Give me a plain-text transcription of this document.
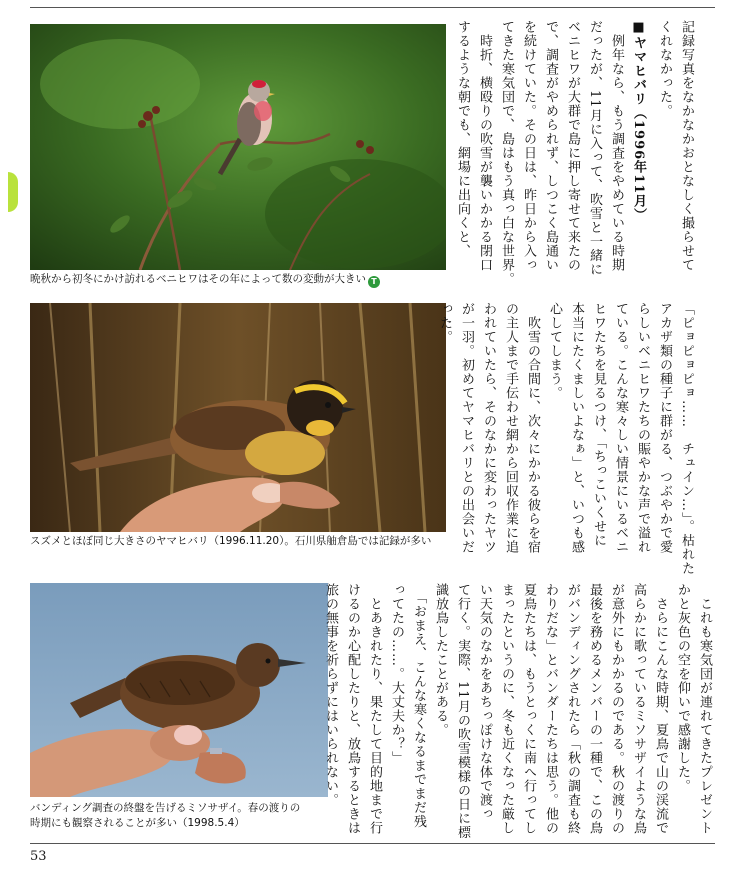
晩秋から初冬にかけ訪れるベニヒワはその年によって数の変動が大きい T
スズメとほぼ同じ大きさのヤマヒバリ（1996.11.20）。石川県舳倉島では記録が多い
バンディング調査の終盤を告げるミソサザイ。春の渡りの
時期にも観察されることが多い（1998.5.4）
記録写真をなかなかおとなしく撮らせて
くれなかった。
■ヤマヒバリ（1996年11月）
　例年なら、もう調査をやめている時期
だったが、11月に入って、吹雪と一緒に
ベニヒワが大群で島に押し寄せて来たの
で、調査がやめられず、しつこく島通い
を続けていた。その日は、昨日から入っ
てきた寒気団で、島はもう真っ白な世界。
　時折、横殴りの吹雪が襲いかかる閉口
するような朝でも、網場に出向くと、
「ピョピョピョ……　チュイン…」。枯れた
アカザ類の種子に群がる、つぶやかで愛
らしいベニヒワたちの賑やかな声で溢れ
ている。こんな寒々しい情景にいるベニ
ヒワたちを見るつけ、「ちっこいくせに
本当にたくましいよなぁ」と、いつも感
心してしまう。
　吹雪の合間に、次々にかかる彼らを宿
の主人まで手伝わせ網から回収作業に追
われていたら、そのなかに変わったヤツ
が一羽。初めてヤマヒバリとの出会いだ
った。
　これも寒気団が連れてきたプレゼント
かと灰色の空を仰いで感謝した。
　さらにこんな時期、夏鳥で山の渓流で
高らかに歌っているミソサザイような鳥
が意外にもかかるのである。秋の渡りの
最後を務めるメンバーの一種で、この鳥
がバンディングされたら「秋の調査も終
わりだな」とバンダーたちは思う。他の
夏鳥たちは、もうとっくに南へ行ってし
まったというのに、冬も近くなった厳し
い天気のなかをあちっぽけな体で渡っ
て行く。実際、11月の吹雪模様の日に標
識放鳥したことがある。
　「おまえ、こんな寒くなるまでまだ残
ってたの……。大丈夫か？」
　とあきれたり、果たして目的地まで行
けるのか心配したりと、放鳥するときは
旅の無事を祈らずにはいられない。
53
